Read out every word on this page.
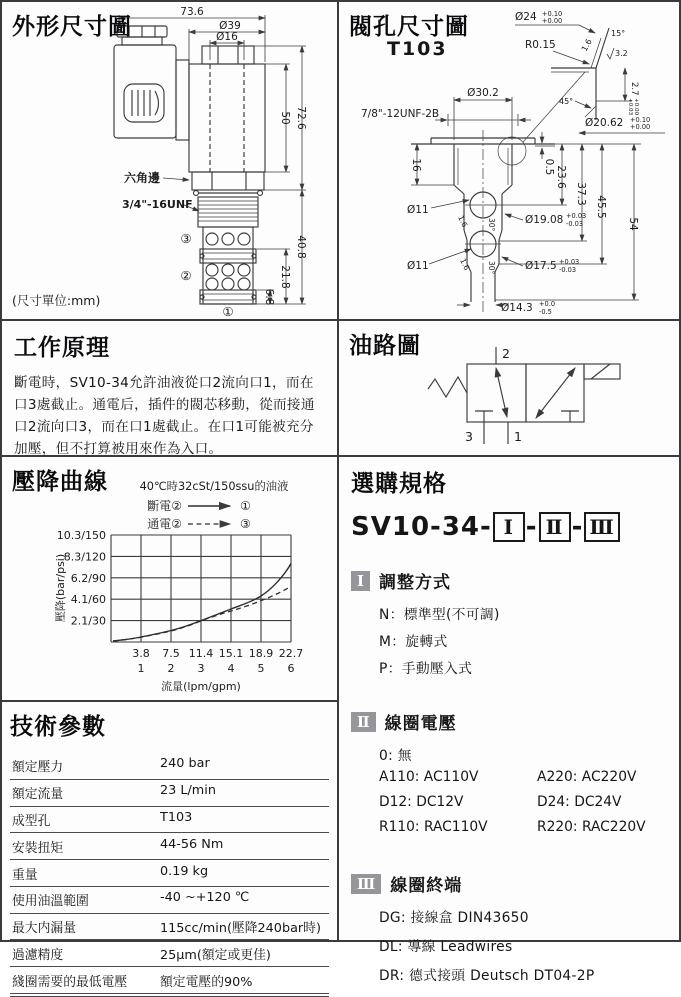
外形尺寸圖
73.6
Ø39
Ø16
50 72.6
40.8
21.8
6.8
六角邊
3/4"-16UNF
③
②
①
(尺寸單位:mm)
閥孔尺寸圖
T103
Ø24 +0.10
+0.00
R0.15
15°
1.6
3.2
45°
2.7
+0.03 +0.00
Ø20.62 +0.10
+0.00
Ø30.2
7/8"-12UNF-2B
16	0.5 23.6
37.3
45.5
54
Ø11
Ø11
Ø19.08 +0.03
-0.03
Ø17.5 +0.03
-0.03
Ø14.3 +0.0
-0.5
30°
30°
1.6
1.6
工作原理

斷電時，SV10-34允許油液從口2流向口1，而在口3處截止。通電后，插件的閥芯移動，從而接通口2流向口3，而在口1處截止。在口1可能被充分加壓，但不打算被用來作為入口。

油路圖	2
3	1
壓降曲線	40℃時32cSt/150ssu的油液
斷電②	①
通電②	③
10.3/150
8.3/120
6.2/90
4.1/60
2.1/30
3.8 7.5 11.4 15.1 18.9 22.7
1 2 3 4 5 6
壓降(bar/psi)
流量(lpm/gpm)
選購規格
SV10-34- Ⅰ - Ⅱ - Ⅲ
Ⅰ 調整方式
N：標準型(不可調)
M：旋轉式
P：手動壓入式
Ⅱ 線圈電壓
0: 無
A110: AC110V	A220: AC220V
D12: DC12V	D24: DC24V
R110: RAC110V	R220: RAC220V
Ⅲ 線圈終端
DG: 接線盒 DIN43650
DL: 導線 Leadwires
DR: 德式接頭 Deutsch DT04-2P
技術參數
額定壓力	240 bar
額定流量	23 L/min
成型孔	T103
安裝扭矩	44-56 Nm
重量	0.19 kg
使用油溫範圍	-40 ~+120 ℃
最大内漏量	115cc/min(壓降240bar時)
過濾精度	25μm(額定或更佳)
綫圈需要的最低電壓	額定電壓的90%
